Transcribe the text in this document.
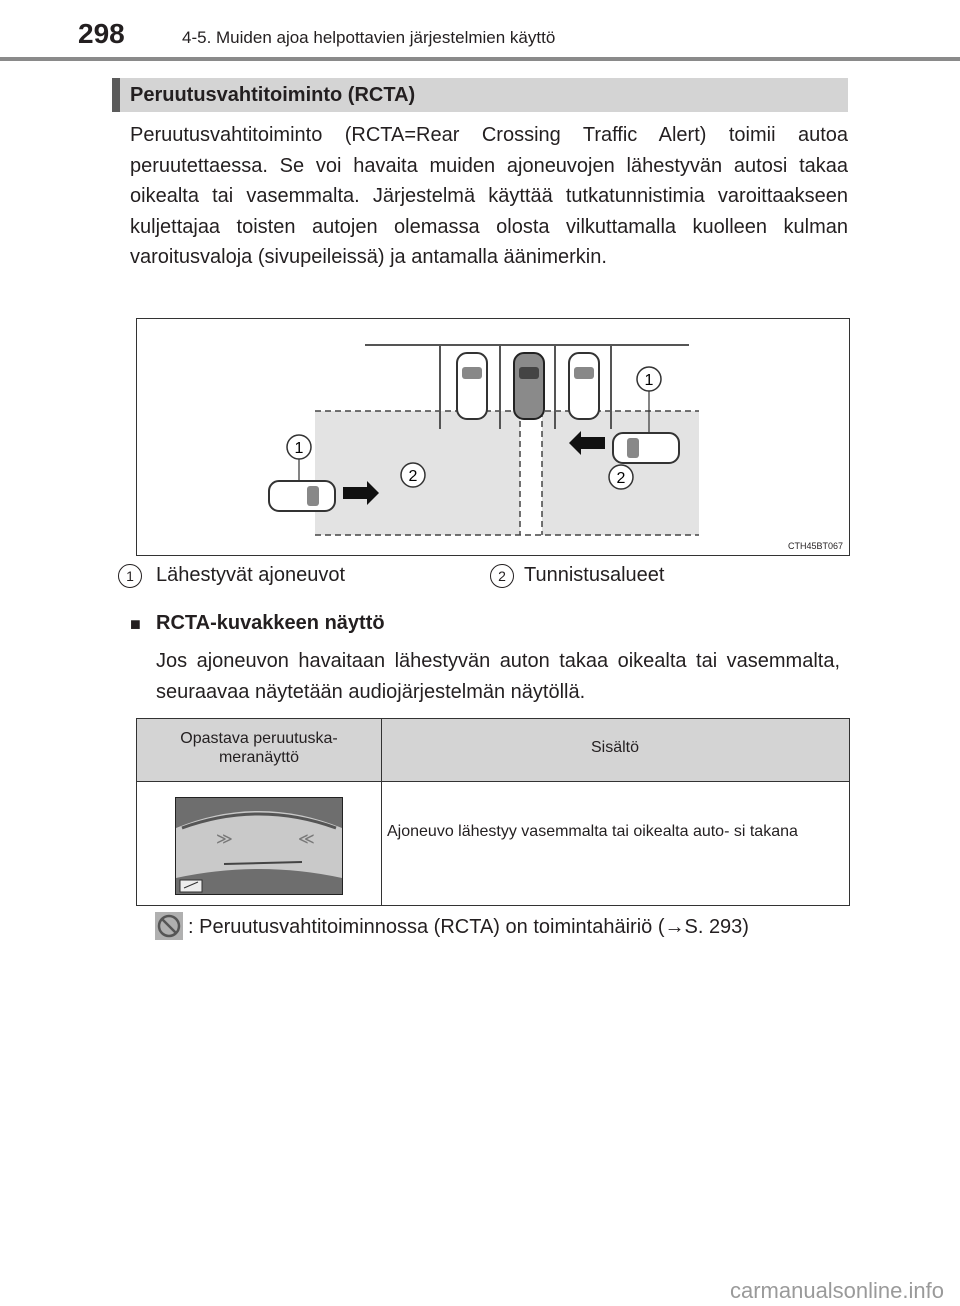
298	4-5. Muiden ajoa helpottavien järjestelmien käyttö
Peruutusvahtitoiminto (RCTA)

Peruutusvahtitoiminto (RCTA=Rear Crossing Traffic Alert) toimii autoa peruutettaessa. Se voi havaita muiden ajoneuvojen lähestyvän autosi takaa oikealta tai vasemmalta. Järjestelmä käyttää tutkatunnistimia varoittaakseen kuljettajaa toisten autojen olemassa olosta vilkuttamalla kuolleen kulman varoitusvaloja (sivupeileissä) ja antamalla äänimerkin.

1
1
2	2
CTH45BT067
1	Lähestyvät ajoneuvot	2 Tunnistusalueet
■ RCTA-kuvakkeen näyttö

Jos ajoneuvon havaitaan lähestyvän auton takaa oikealta tai vasemmalta, seuraavaa näytetään audiojärjestelmän näytöllä.

Opastava peruutuska-
meranäyttö
Sisältö
≫	≪	Ajoneuvo lähestyy vasemmalta tai oikealta auto- si takana
: Peruutusvahtitoiminnossa (RCTA) on toimintahäiriö (→S. 293)
carmanualsonline.info
